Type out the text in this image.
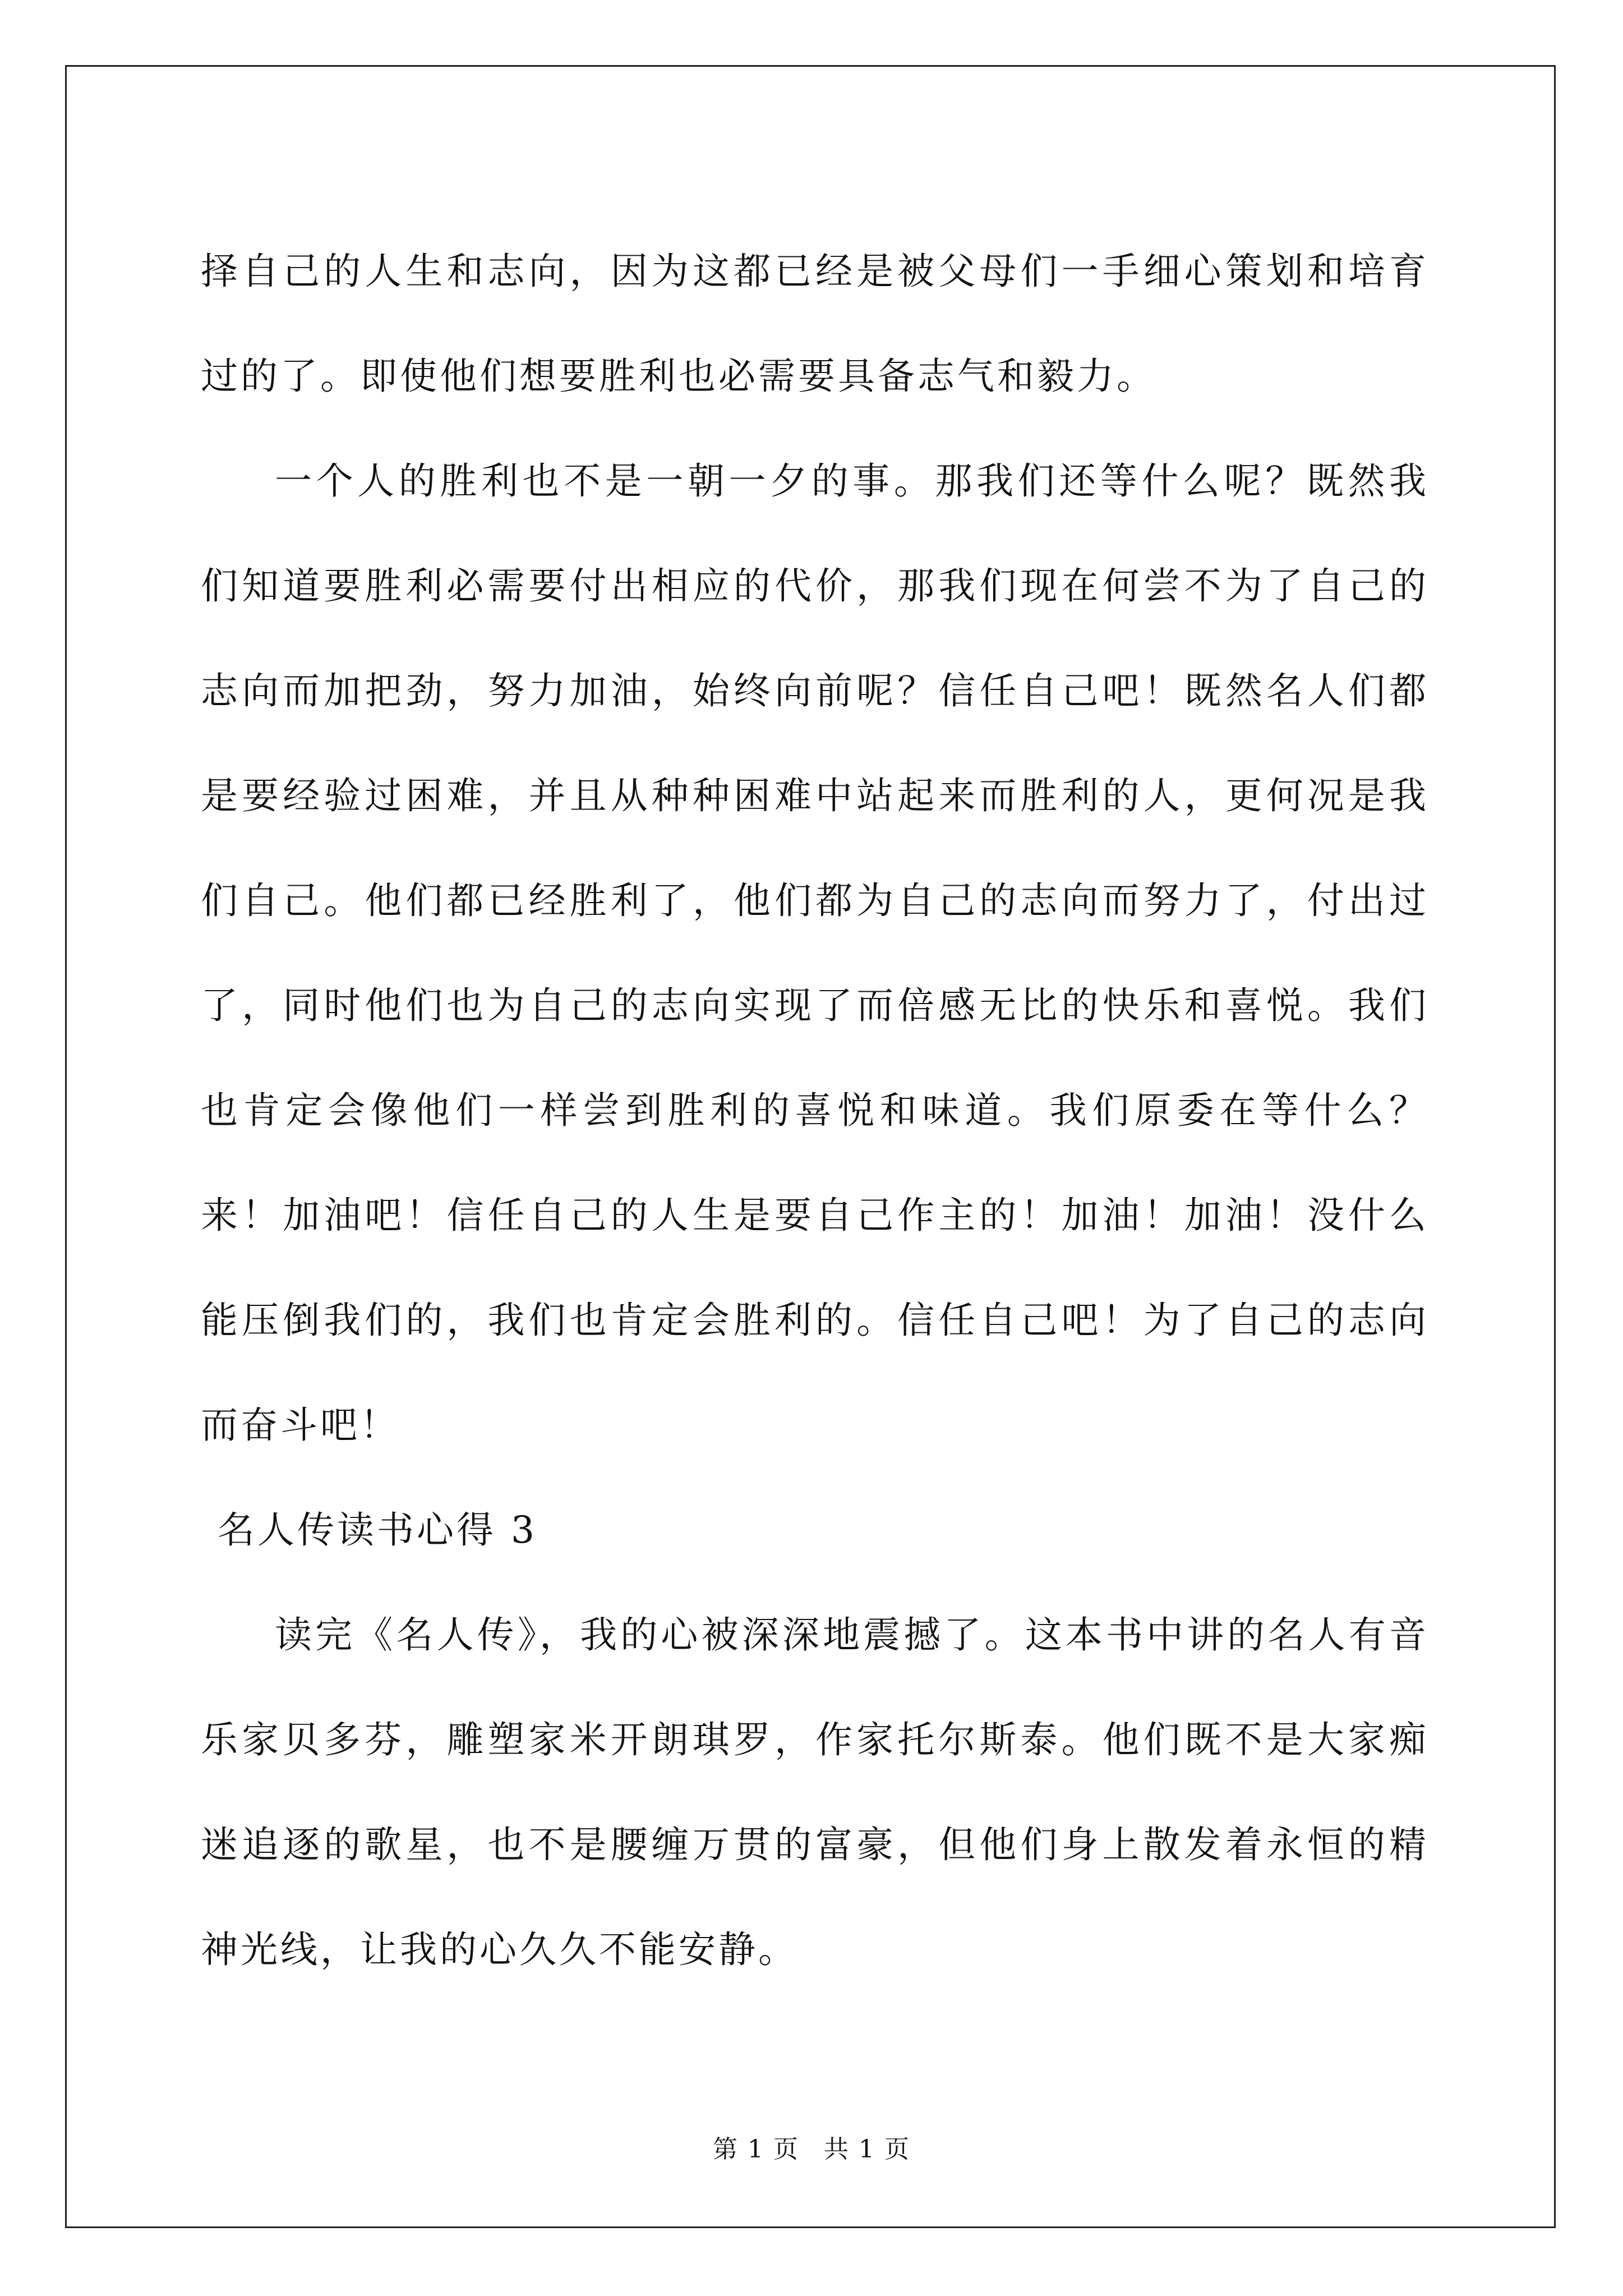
择自己的人生和志向，因为这都已经是被父母们一手细心策划和培育过的了。即使他们想要胜利也必需要具备志气和毅力。

一个人的胜利也不是一朝一夕的事。那我们还等什么呢？既然我们知道要胜利必需要付出相应的代价，那我们现在何尝不为了自己的志向而加把劲，努力加油，始终向前呢？信任自己吧！既然名人们都是要经验过困难，并且从种种困难中站起来而胜利的人，更何况是我们自己。他们都已经胜利了，他们都为自己的志向而努力了，付出过了，同时他们也为自己的志向实现了而倍感无比的快乐和喜悦。我们也肯定会像他们一样尝到胜利的喜悦和味道。我们原委在等什么？来！加油吧！信任自己的人生是要自己作主的！加油！加油！没什么能压倒我们的，我们也肯定会胜利的。信任自己吧！为了自己的志向而奋斗吧！

名人传读书心得 3

读完《名人传》，我的心被深深地震撼了。这本书中讲的名人有音乐家贝多芬，雕塑家米开朗琪罗，作家托尔斯泰。他们既不是大家痴迷追逐的歌星，也不是腰缠万贯的富豪，但他们身上散发着永恒的精神光线，让我的心久久不能安静。

第 1 页 共 1 页
